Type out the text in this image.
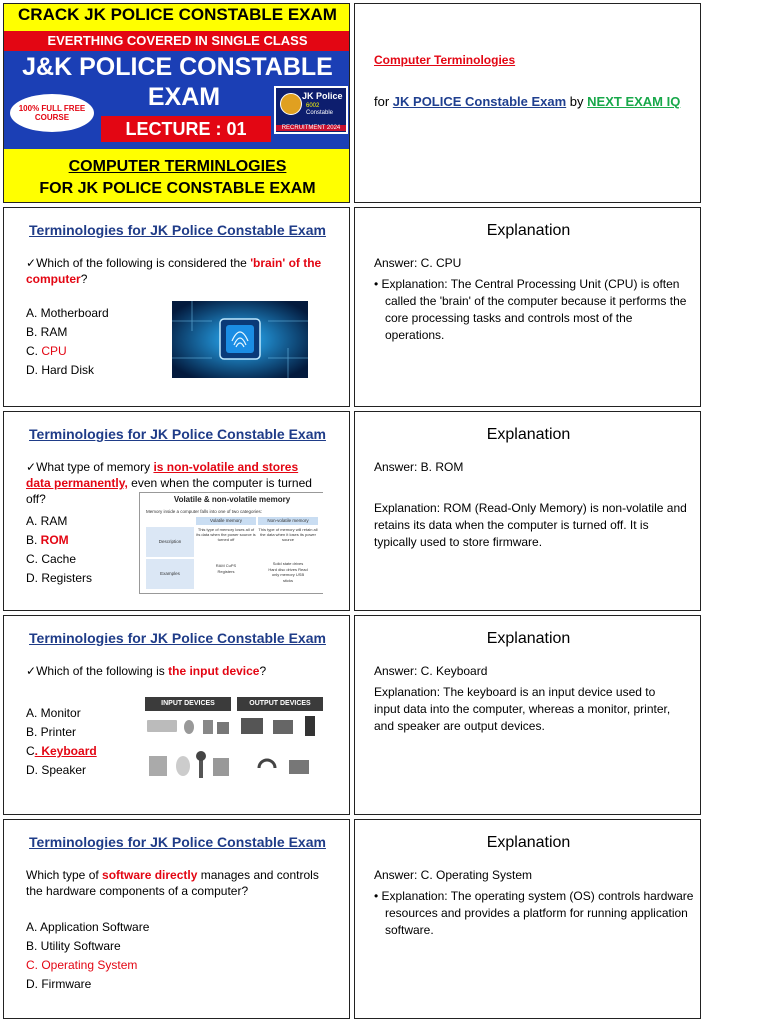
CRACK JK POLICE CONSTABLE EXAM
EVERTHING COVERED IN SINGLE CLASS
J&K POLICE CONSTABLE
EXAM
100% FULL FREE COURSE
LECTURE : 01
JK Police
6002
Constable
RECRUITMENT 2024
COMPUTER TERMINLOGIES
FOR JK POLICE CONSTABLE EXAM
Computer Terminologies
for JK POLICE Constable Exam by NEXT EXAM IQ
Terminologies for JK Police Constable Exam
✓Which of the following is considered the 'brain' of the computer?
A. Motherboard
B. RAM
C. CPU
D. Hard Disk
Explanation
Answer: C. CPU
• Explanation: The Central Processing Unit (CPU) is often called the 'brain' of the computer because it performs the core processing tasks and controls most of the operations.
Terminologies for JK Police Constable Exam
✓What type of memory is non-volatile and stores data permanently, even when the computer is turned off?
A. RAM
B. ROM
C. Cache
D. Registers
Volatile & non-volatile memory
Memory inside a computer falls into one of two categories:
Volatile memory	Non-volatile memory
Description
This type of memory loses all of its data when the power source is turned off
This type of memory will retain all the data when it loses its power source
Examples
RAM CuPS Registers
Solid state drives Hard disc drives Read only memory USB sticks
Explanation
Answer: B. ROM
Explanation: ROM (Read-Only Memory) is non-volatile and retains its data when the computer is turned off. It is typically used to store firmware.
Terminologies for JK Police Constable Exam
✓Which of the following is the input device?
A. Monitor
B. Printer
C. Keyboard
D. Speaker
INPUT DEVICES	OUTPUT DEVICES
Explanation
Answer: C. Keyboard
Explanation: The keyboard is an input device used to input data into the computer, whereas a monitor, printer, and speaker are output devices.
Terminologies for JK Police Constable Exam
Which type of software directly manages and controls the hardware components of a computer?
A. Application Software
B. Utility Software
C. Operating System
D. Firmware
Explanation
Answer: C. Operating System
• Explanation: The operating system (OS) controls hardware resources and provides a platform for running application software.
